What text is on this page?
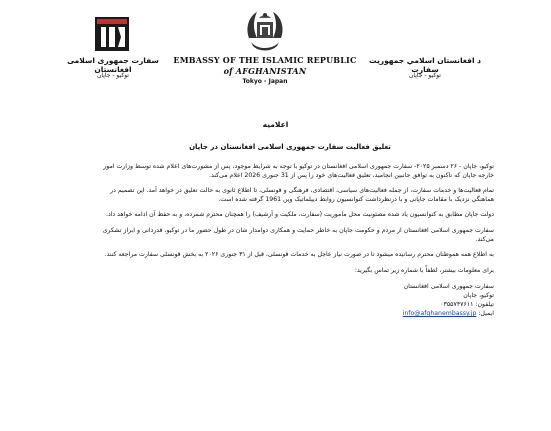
سفارت جمهوری اسلامی افغانستان
توکیو - جاپان
EMBASSY OF THE ISLAMIC REPUBLIC
of AFGHANISTAN
Tokyo - Japan
د افغانستان اسلامي جمهوریت سفارت
توکیو - جاپان
اعلامیه
تعلیق فعالیت سفارت جمهوری اسلامی افغانستان در جاپان

توکیو، جاپان - ۲۶ دسمبر ۲۰۲۵- سفارت جمهوری اسلامی افغانستان در توکیو با توجه به شرایط موجود، پس از مشورت‌های اعلام شده توسط وزارت امور خارجه جاپان که تاکنون به توافق جانبین انجامید، تعلیق فعالیت‌های خود را پس از 31 جنوری 2026 اعلام می‌کند.

تمام فعالیت‌ها و خدمات سفارت، از جمله فعالیت‌های سیاسی، اقتصادی، فرهنگی و قونسلی، تا اطلاع ثانوی به حالت تعلیق در خواهد آمد. این تصمیم در هماهنگی نزدیک با مقامات جاپانی و با درنظرداشت کنوانسیون روابط دیپلماتیک وین 1961 گرفته شده است.

دولت جاپان مطابق به کنوانسیون یاد شده مصئونیت محل ماموریت (سفارت، ملکیت و آرشیف) را همچنان محترم شمرده، و به حفظ آن ادامه خواهد داد.

سفارت جمهوری اسلامی افغانستان از مردم و حکومت جاپان به خاطر حمایت و همکاری دوامدار شان در طول حضور ما در توکیو، قدردانی و ابراز تشکری می‌کند.

به اطلاع همه هموطنان محترم رسانیده میشود تا در صورت نیاز عاجل به خدمات قونسلی، قبل از ۳۱ جنوری ۲۰۲۶ به بخش قونسلی سفارت مراجعه کنند.

برای معلومات بیشتر، لطفاً با شماره زیر تماس بگیرید:

سفارت جمهوری اسلامی افغانستان
توکیو، جاپان
تیلفون: ۰۳۵۵۷۴۷۶۱۱
ایمیل: info@afghanembassy.jp
